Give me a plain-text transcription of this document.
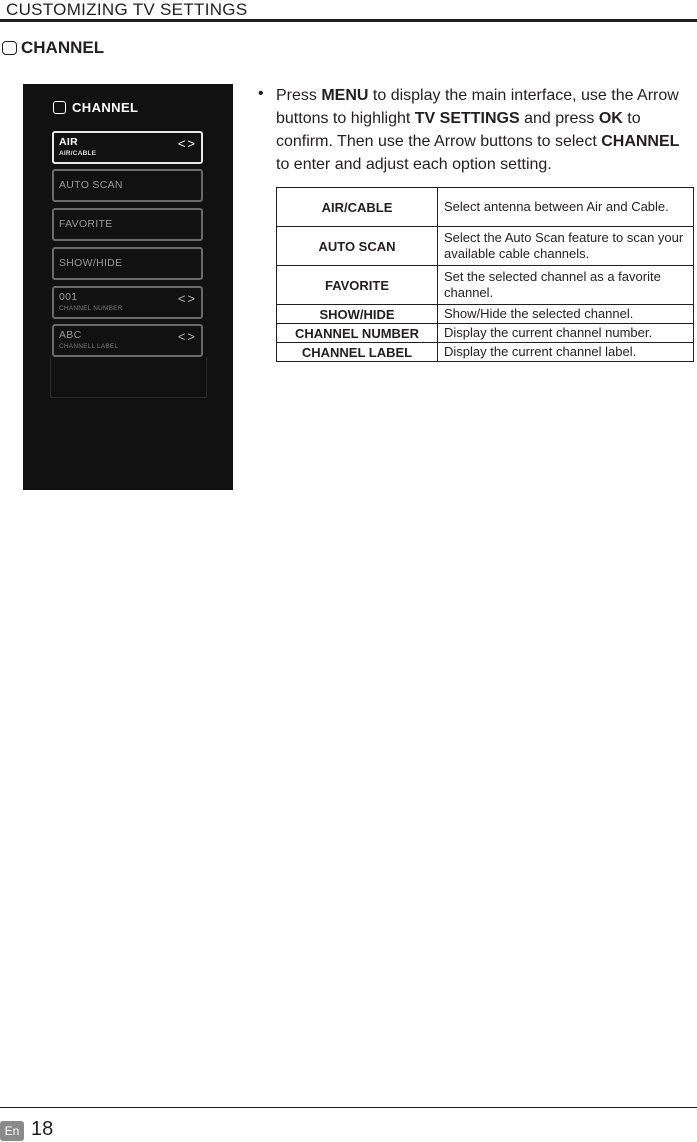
CUSTOMIZING TV SETTINGS
CHANNEL
CHANNEL
AIR
AIR/CABLE
<>
AUTO SCAN
FAVORITE
SHOW/HIDE
001
CHANNEL NUMBER
<>
ABC
CHANNELL LABEL
<>
• Press MENU to display the main interface, use the Arrow buttons to highlight TV SETTINGS and press OK to confirm. Then use the Arrow buttons to select CHANNEL to enter and adjust each option setting.
AIR/CABLE	Select antenna between Air and Cable.
AUTO SCAN	Select the Auto Scan feature to scan your available cable channels.
FAVORITE	Set the selected channel as a favorite channel.
SHOW/HIDE	Show/Hide the selected channel.
CHANNEL NUMBER	Display the current channel number.
CHANNEL LABEL	Display the current channel label.
En 18
